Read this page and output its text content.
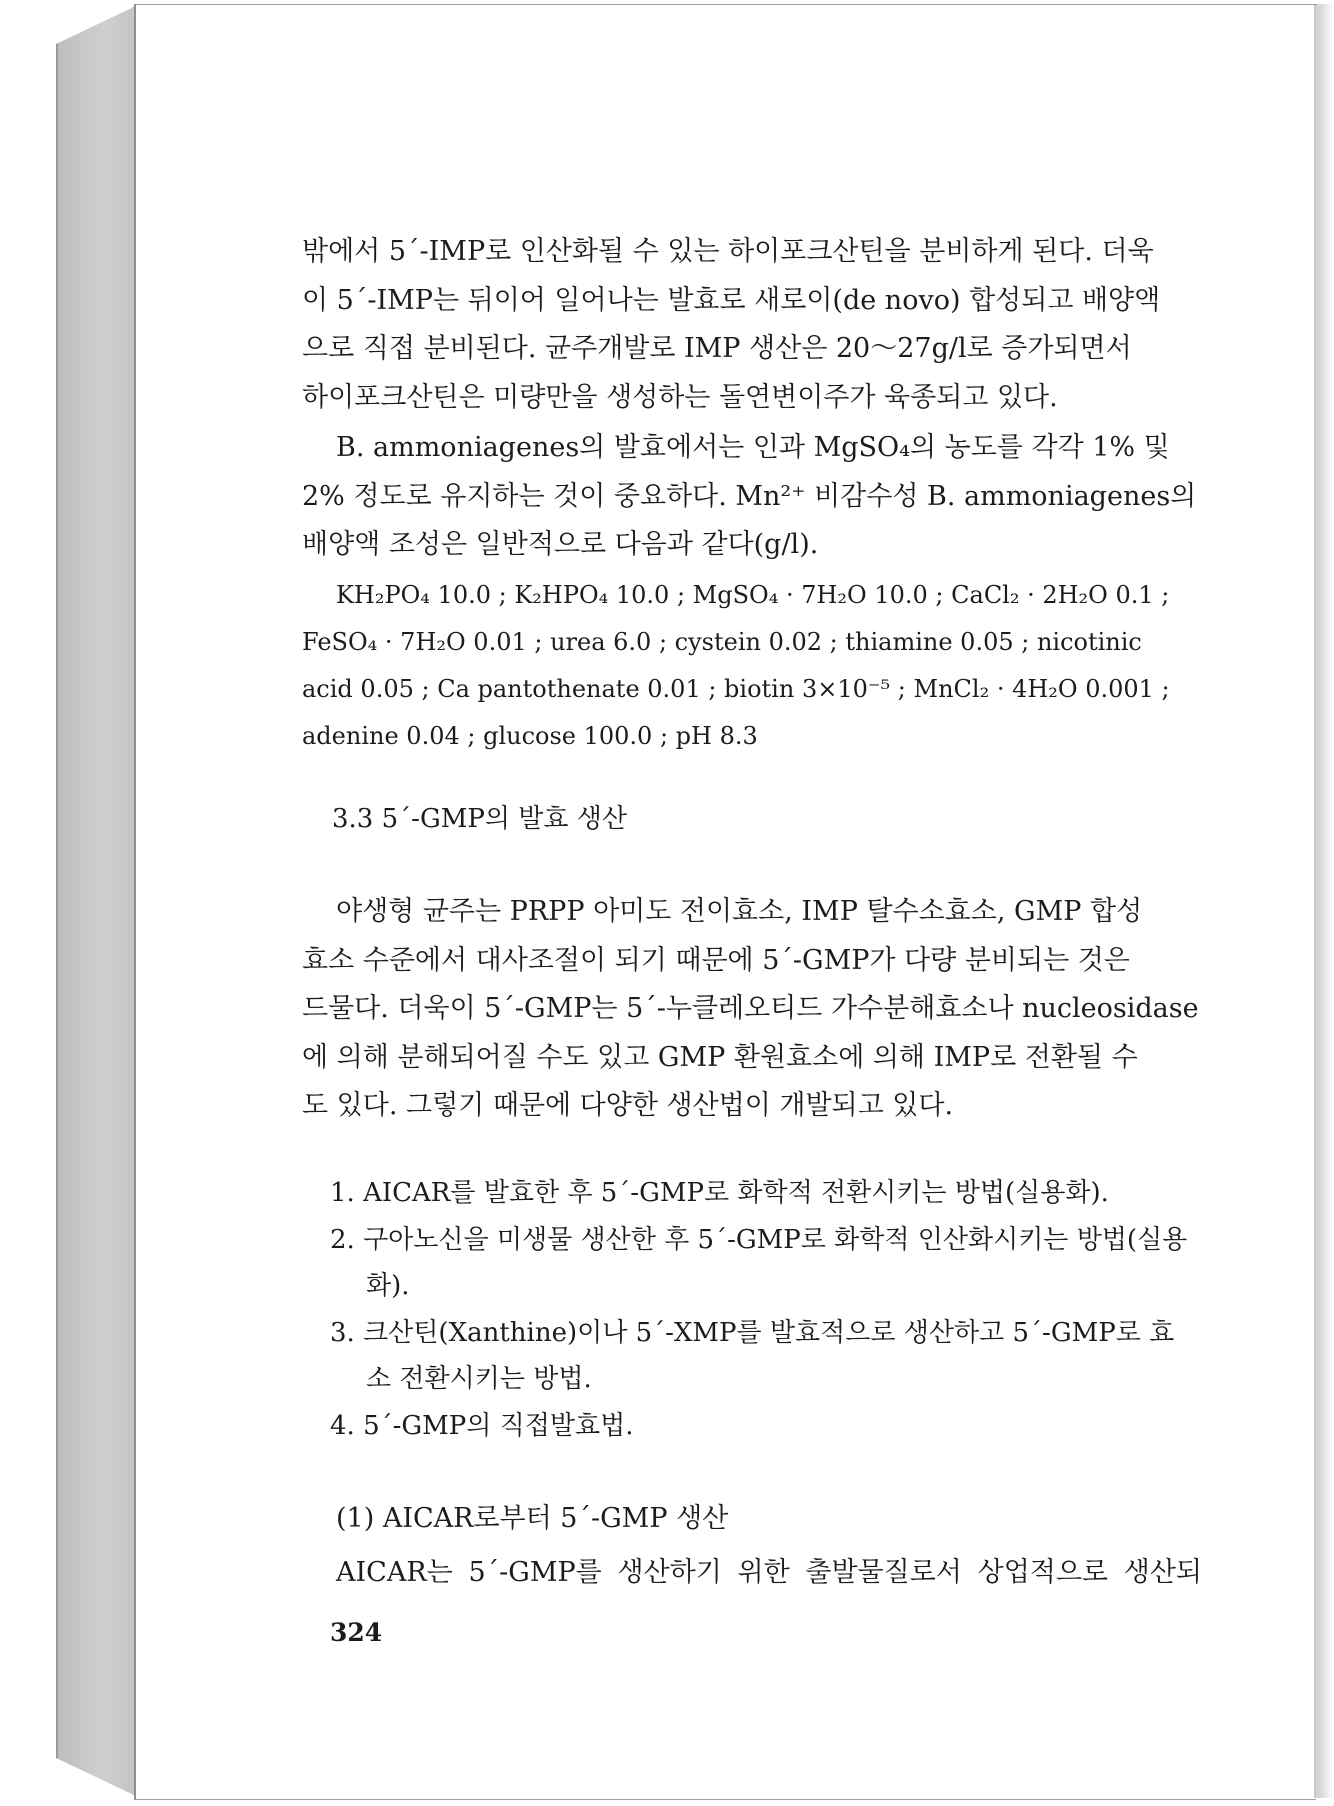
밖에서 5´-IMP로 인산화될 수 있는 하이포크산틴을 분비하게 된다. 더욱
이 5´-IMP는 뒤이어 일어나는 발효로 새로이(de novo) 합성되고 배양액
으로 직접 분비된다. 균주개발로 IMP 생산은 20～27g/l로 증가되면서
하이포크산틴은 미량만을 생성하는 돌연변이주가 육종되고 있다.
B. ammoniagenes의 발효에서는 인과 MgSO₄의 농도를 각각 1% 및
2% 정도로 유지하는 것이 중요하다. Mn²⁺ 비감수성 B. ammoniagenes의
배양액 조성은 일반적으로 다음과 같다(g/l).
KH₂PO₄ 10.0 ; K₂HPO₄ 10.0 ; MgSO₄ · 7H₂O 10.0 ; CaCl₂ · 2H₂O 0.1 ;
FeSO₄ · 7H₂O 0.01 ; urea 6.0 ; cystein 0.02 ; thiamine 0.05 ; nicotinic
acid 0.05 ; Ca pantothenate 0.01 ; biotin 3×10⁻⁵ ; MnCl₂ · 4H₂O 0.001 ;
adenine 0.04 ; glucose 100.0 ; pH 8.3
3.3 5´-GMP의 발효 생산
야생형 균주는 PRPP 아미도 전이효소, IMP 탈수소효소, GMP 합성
효소 수준에서 대사조절이 되기 때문에 5´-GMP가 다량 분비되는 것은
드물다. 더욱이 5´-GMP는 5´-누클레오티드 가수분해효소나 nucleosidase
에 의해 분해되어질 수도 있고 GMP 환원효소에 의해 IMP로 전환될 수
도 있다. 그렇기 때문에 다양한 생산법이 개발되고 있다.
1. AICAR를 발효한 후 5´-GMP로 화학적 전환시키는 방법(실용화).
2. 구아노신을 미생물 생산한 후 5´-GMP로 화학적 인산화시키는 방법(실용
화).
3. 크산틴(Xanthine)이나 5´-XMP를 발효적으로 생산하고 5´-GMP로 효
소 전환시키는 방법.
4. 5´-GMP의 직접발효법.
(1) AICAR로부터 5´-GMP 생산
AICAR는 5´-GMP를 생산하기 위한 출발물질로서 상업적으로 생산되
324
